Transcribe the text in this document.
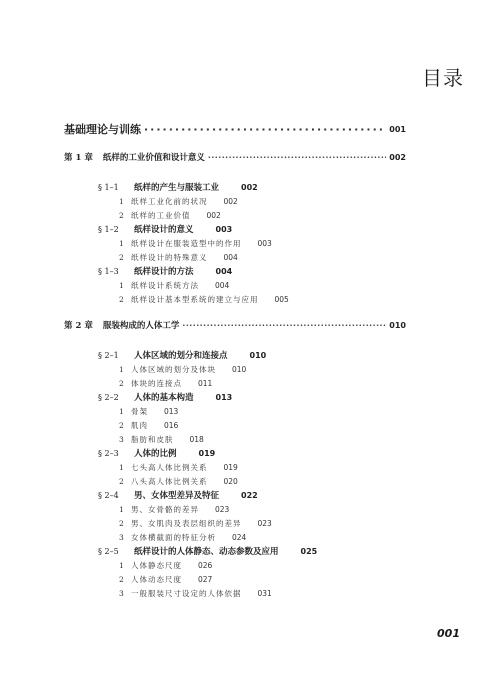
目录
基础理论与训练 ·····	001
第 1 章 纸样的工业价值和设计意义 ·····	002
§ 1–1 纸样的产生与服装工业	002
1 纸样工业化前的状况 002
2 纸样的工业价值 002
§ 1–2 纸样设计的意义	003
1 纸样设计在服装造型中的作用 003
2 纸样设计的特殊意义 004
§ 1–3 纸样设计的方法	004
1 纸样设计系统方法 004
2 纸样设计基本型系统的建立与应用 005
第 2 章 服装构成的人体工学 ·····	010
§ 2–1 人体区域的划分和连接点	010
1 人体区域的划分及体块 010
2 体块的连接点 011
§ 2–2 人体的基本构造	013
1 骨架 013
2 肌肉 016
3 脂肪和皮肤 018
§ 2–3 人体的比例	019
1 七头高人体比例关系 019
2 八头高人体比例关系 020
§ 2–4 男、女体型差异及特征	022
1 男、女骨骼的差异 023
2 男、女肌肉及表层组织的差异 023
3 女体横截面的特征分析 024
§ 2–5 纸样设计的人体静态、动态参数及应用	025
1 人体静态尺度 026
2 人体动态尺度 027
3 一般服装尺寸设定的人体依据 031
001
